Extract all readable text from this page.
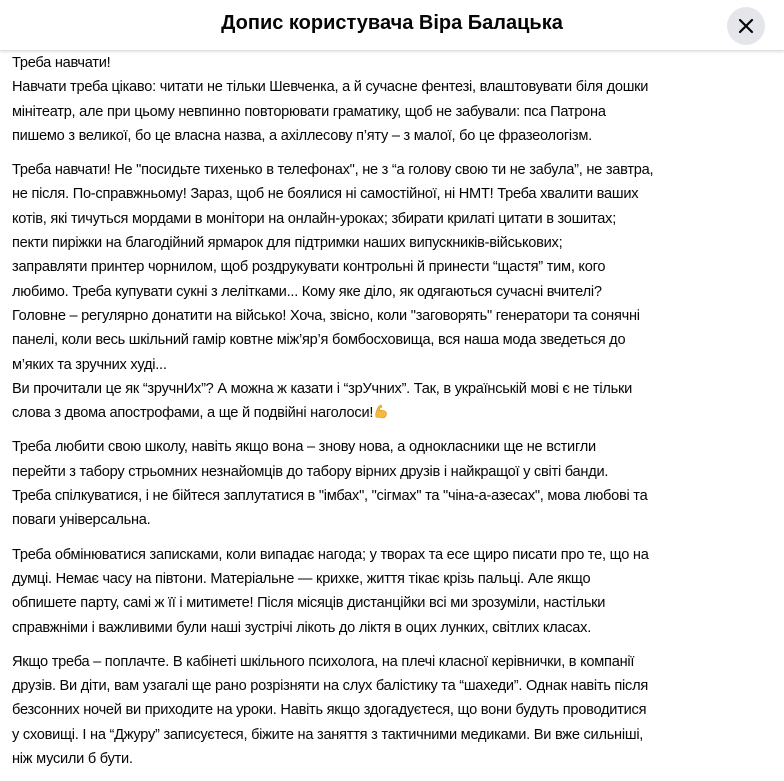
Допис користувача Віра Балацька
Треба навчати!
Навчати треба цікаво: читати не тільки Шевченка, а й сучасне фентезі, влаштовувати біля дошки
мінітеатр, але при цьому невпинно повторювати граматику, щоб не забували: пса Патрона
пишемо з великої, бо це власна назва, а ахіллесову п’яту – з малої, бо це фразеологізм.
Треба навчати! Не "посидьте тихенько в телефонах", не з “а голову свою ти не забула”, не завтра,
не після. По-справжньому! Зараз, щоб не боялися ні самостійної, ні НМТ! Треба хвалити ваших
котів, які тичуться мордами в монітори на онлайн-уроках; збирати крилаті цитати в зошитах;
пекти пиріжки на благодійний ярмарок для підтримки наших випускників-військових;
заправляти принтер чорнилом, щоб роздрукувати контрольні й принести “щастя” тим, кого
любимо. Треба купувати сукні з лелітками... Кому яке діло, як одягаються сучасні вчителі?
Головне – регулярно донатити на військо! Хоча, звісно, коли "заговорять" генератори та сонячні
панелі, коли весь шкільний гамір ковтне між’яр’я бомбосховища, вся наша мода зведеться до
м’яких та зручних худі...
Ви прочитали це як “зручнИх”? А можна ж казати і “зрУчних”. Так, в українській мові є не тільки
слова з двома апострофами, а ще й подвійні наголоси!
Треба любити свою школу, навіть якщо вона – знову нова, а однокласники ще не встигли
перейти з табору стрьомних незнайомців до табору вірних друзів і найкращої у світі банди.
Треба спілкуватися, і не бійтеся заплутатися в "імбах", "сігмах" та "чіна-а-азесах", мова любові та
поваги універсальна.
Треба обмінюватися записками, коли випадає нагода; у творах та есе щиро писати про те, що на
думці. Немає часу на півтони. Матеріальне — крихке, життя тікає крізь пальці. Але якщо
обпишете парту, самі ж її і митимете! Після місяців дистанційки всі ми зрозуміли, настільки
справжніми і важливими були наші зустрічі лікоть до ліктя в оцих лункиx, світлих класах.
Якщо треба – поплачте. В кабінеті шкільного психолога, на плечі класної керівнички, в компанії
друзів. Ви діти, вам узагалі ще рано розрізняти на слух балістику та “шахеди”. Однак навіть після
безсонних ночей ви приходите на уроки. Навіть якщо здогадуєтеся, що вони будуть проводитися
у сховищі. І на “Джуру” записуєтеся, біжите на заняття з тактичними медиками. Ви вже сильніші,
ніж мусили б бути.
